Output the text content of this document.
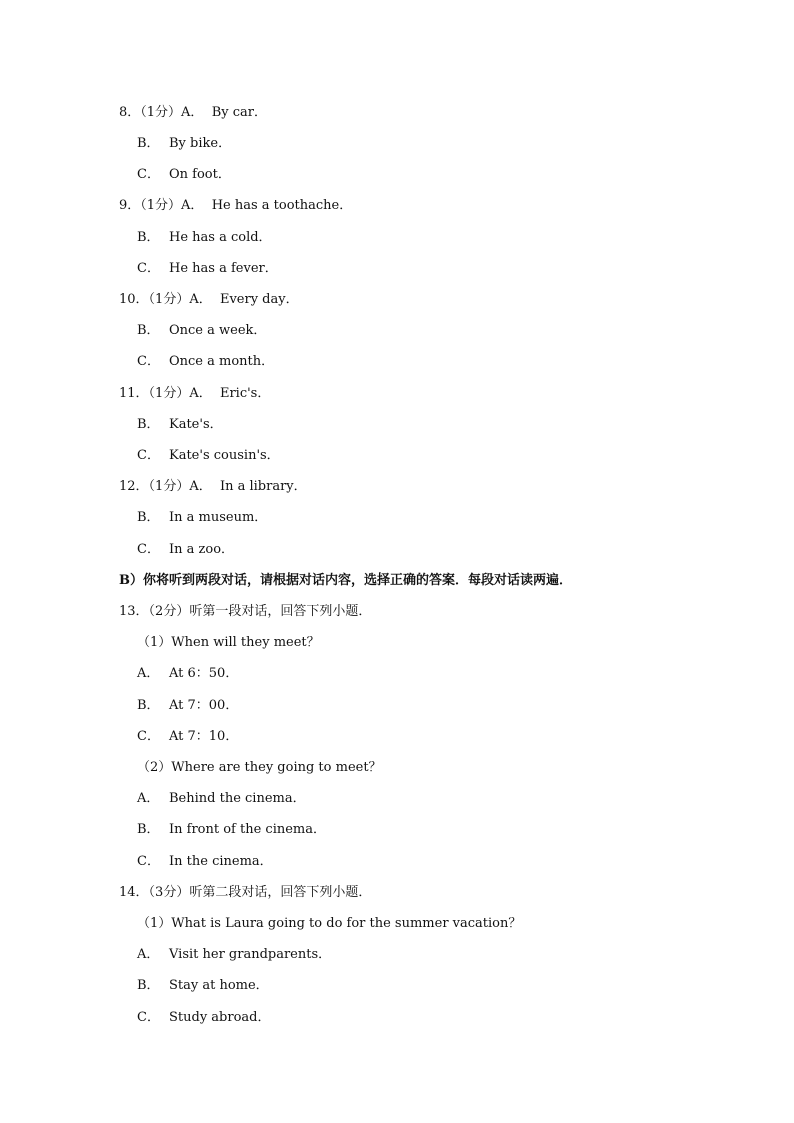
8．（1分）A． By car．
B． By bike．
C． On foot．
9．（1分）A． He has a toothache．
B． He has a cold．
C． He has a fever．
10．（1分）A． Every day．
B． Once a week．
C． Once a month．
11．（1分）A． Eric's．
B． Kate's．
C． Kate's cousin's．
12．（1分）A． In a library．
B． In a museum．
C． In a zoo．
B）你将听到两段对话，请根据对话内容，选择正确的答案．每段对话读两遍．
13．（2分）听第一段对话，回答下列小题．
（1）When will they meet？
A． At 6：50．
B． At 7：00．
C． At 7：10．
（2）Where are they going to meet？
A． Behind the cinema．
B． In front of the cinema．
C． In the cinema．
14．（3分）听第二段对话，回答下列小题．
（1）What is Laura going to do for the summer vacation？
A． Visit her grandparents．
B． Stay at home．
C． Study abroad．
